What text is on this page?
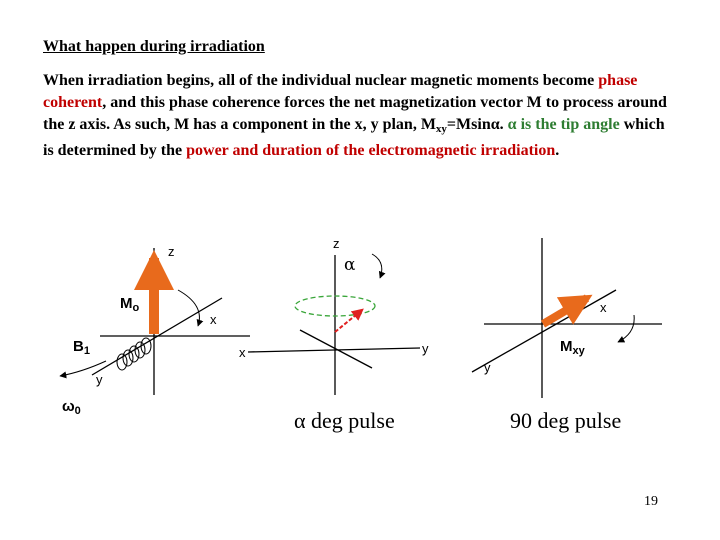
What happen during irradiation
When irradiation begins, all of the individual nuclear magnetic moments become phase coherent, and this phase coherence forces the net magnetization vector M to process around the z axis. As such, M has a component in the x, y plan, $M_{xy}=Msin\alpha$. α is the tip angle which is determined by the power and duration of the electromagnetic irradiation.
z
$M_o$
x
$B_1$
y
$\omega_0$
z
α
x	y
α deg pulse
x
y
$M_{xy}$
90 deg pulse
19
